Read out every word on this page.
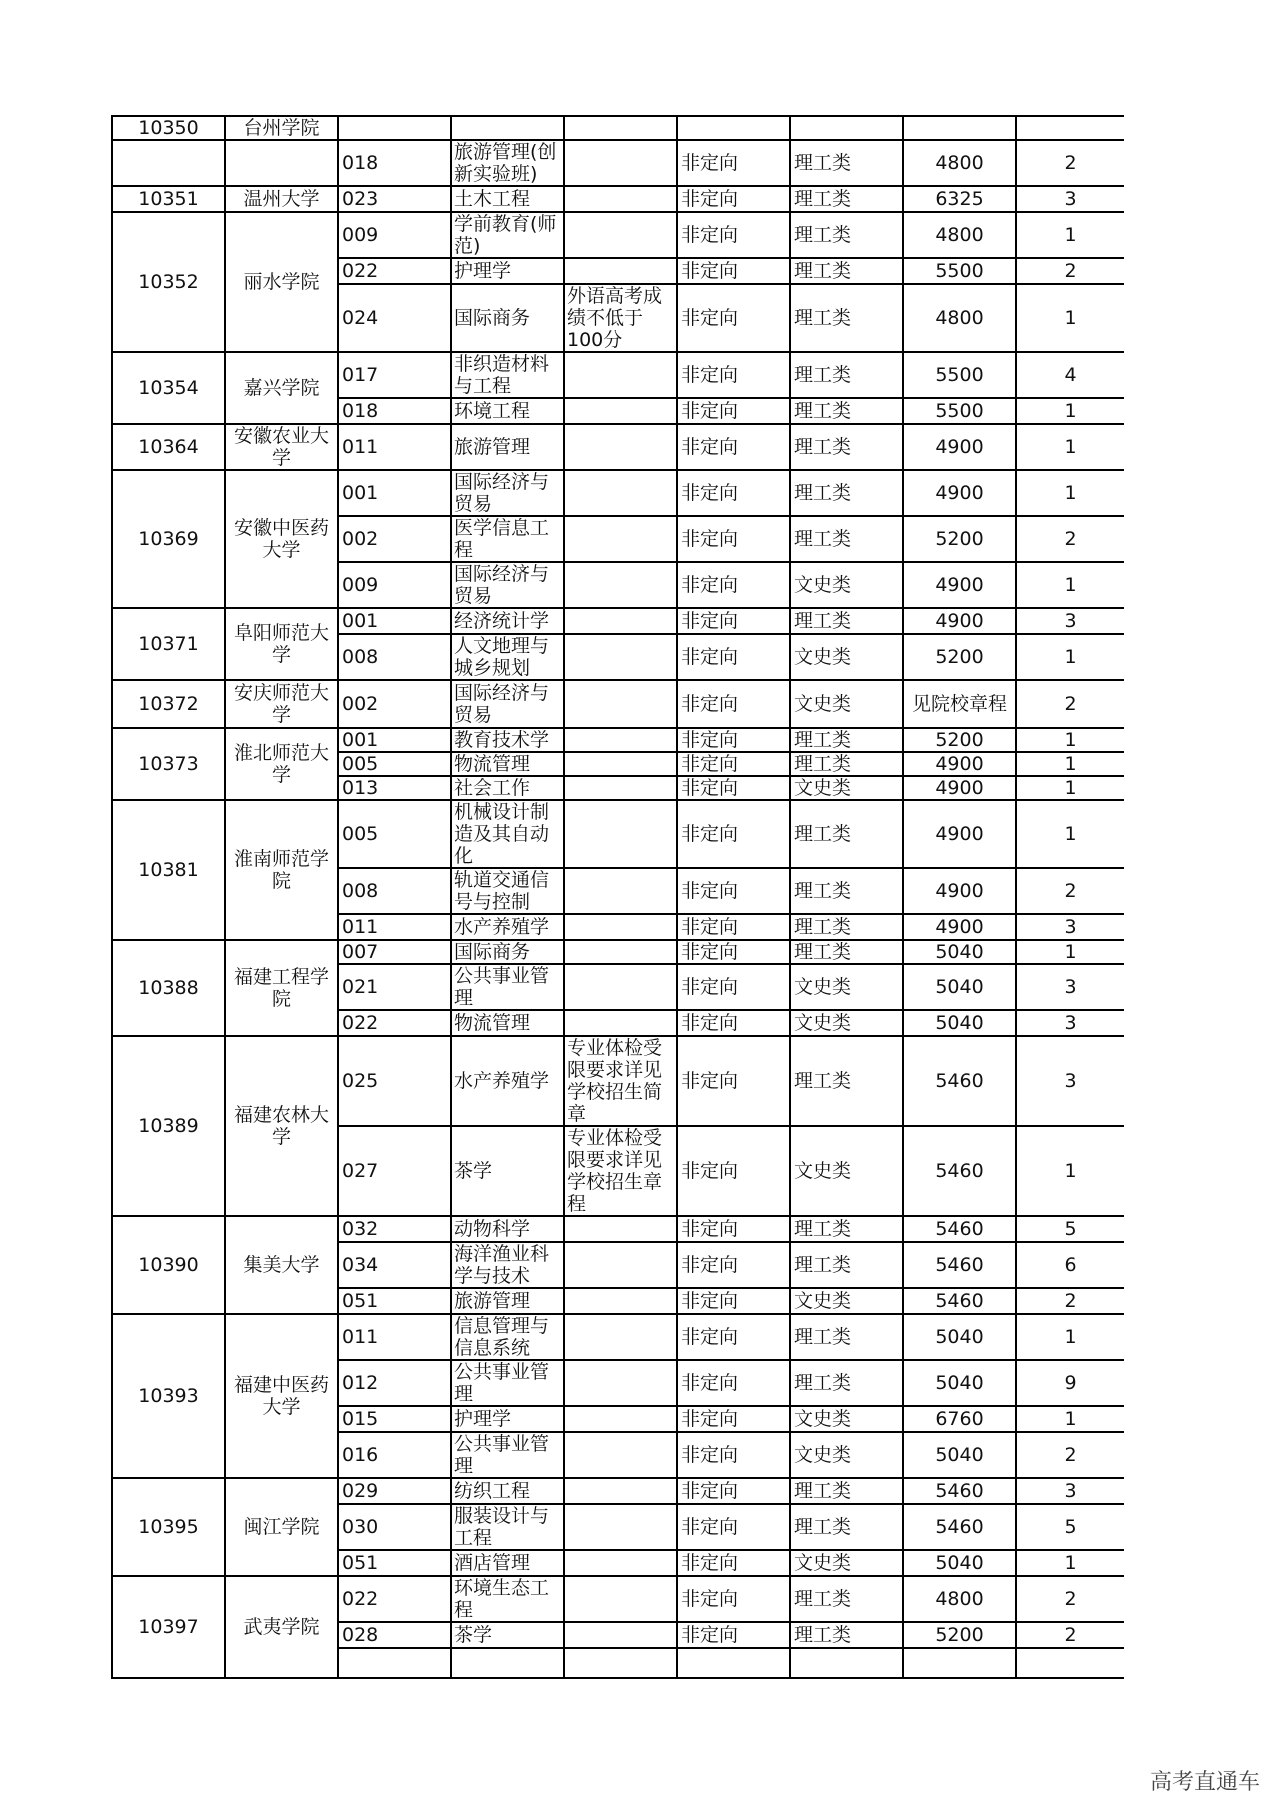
10350	台州学院								
		018	旅游管理(创新实验班)		非定向	理工类	4800	2	
10351	温州大学	023	土木工程		非定向	理工类	6325	3	
10352	丽水学院	009	学前教育(师范)		非定向	理工类	4800	1	
		022	护理学		非定向	理工类	5500	2	
		024	国际商务	外语高考成绩不低于100分	非定向	理工类	4800	1	
10354	嘉兴学院	017	非织造材料与工程		非定向	理工类	5500	4	
		018	环境工程		非定向	理工类	5500	1	
10364	安徽农业大学	011	旅游管理		非定向	理工类	4900	1	
10369	安徽中医药大学	001	国际经济与贸易		非定向	理工类	4900	1	
		002	医学信息工程		非定向	理工类	5200	2	
		009	国际经济与贸易		非定向	文史类	4900	1	
10371	阜阳师范大学	001	经济统计学		非定向	理工类	4900	3	
		008	人文地理与城乡规划		非定向	文史类	5200	1	
10372	安庆师范大学	002	国际经济与贸易		非定向	文史类	见院校章程	2	
10373	淮北师范大学	001	教育技术学		非定向	理工类	5200	1	
		005	物流管理		非定向	理工类	4900	1	
		013	社会工作		非定向	文史类	4900	1	
10381	淮南师范学院	005	机械设计制造及其自动化		非定向	理工类	4900	1	
		008	轨道交通信号与控制		非定向	理工类	4900	2	
		011	水产养殖学		非定向	理工类	4900	3	
10388	福建工程学院	007	国际商务		非定向	理工类	5040	1	
		021	公共事业管理		非定向	文史类	5040	3	
		022	物流管理		非定向	文史类	5040	3	
10389	福建农林大学	025	水产养殖学	专业体检受限要求详见学校招生简章	非定向	理工类	5460	3	
		027	茶学	专业体检受限要求详见学校招生章程	非定向	文史类	5460	1	
10390	集美大学	032	动物科学		非定向	理工类	5460	5	
		034	海洋渔业科学与技术		非定向	理工类	5460	6	
		051	旅游管理		非定向	文史类	5460	2	
10393	福建中医药大学	011	信息管理与信息系统		非定向	理工类	5040	1	
		012	公共事业管理		非定向	理工类	5040	9	
		015	护理学		非定向	文史类	6760	1	
		016	公共事业管理		非定向	文史类	5040	2	
10395	闽江学院	029	纺织工程		非定向	理工类	5460	3	
		030	服装设计与工程		非定向	理工类	5460	5	
		051	酒店管理		非定向	文史类	5040	1	
10397	武夷学院	022	环境生态工程		非定向	理工类	4800	2	
		028	茶学		非定向	理工类	5200	2	

高考直通车
